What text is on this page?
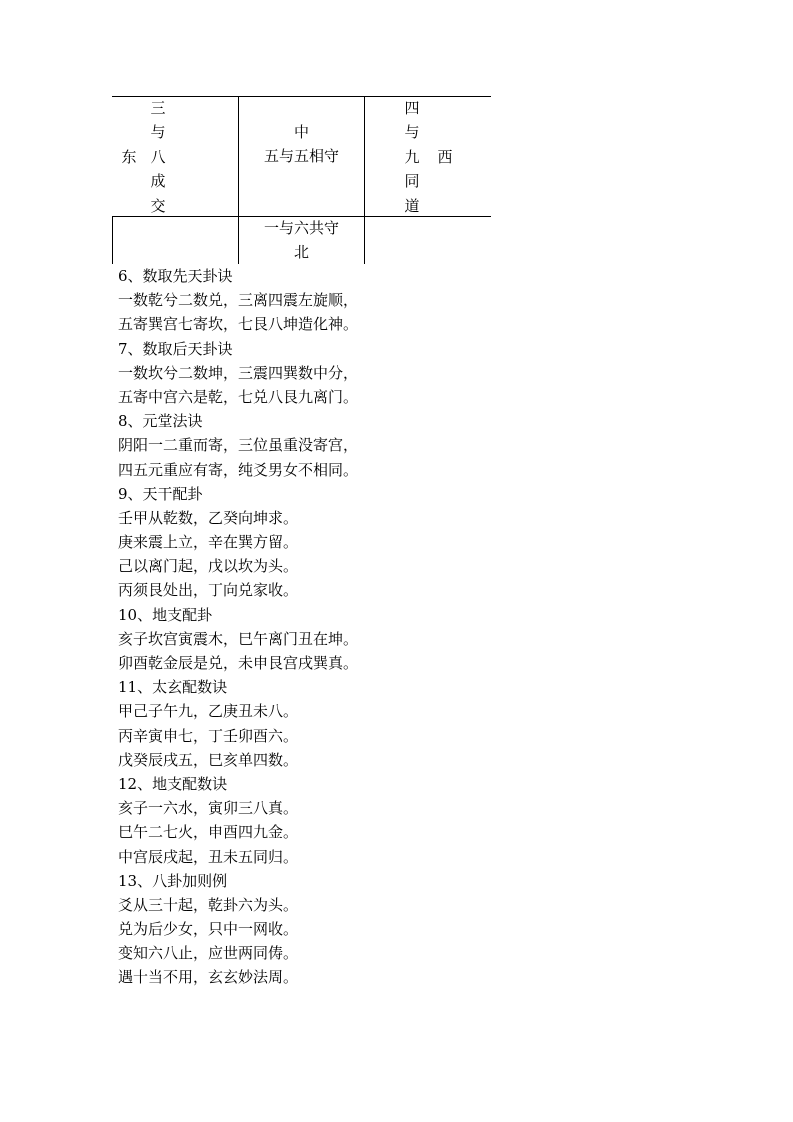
东
三
与
八
成
交
中
五与五相守
四
与
九
同
道
西
一与六共守
北
6、数取先天卦诀
一数乾兮二数兑，三离四震左旋顺，
五寄巽宫七寄坎，七艮八坤造化神。
7、数取后天卦诀
一数坎兮二数坤，三震四巽数中分，
五寄中宫六是乾，七兑八艮九离门。
8、元堂法诀
阴阳一二重而寄，三位虽重没寄宫，
四五元重应有寄，纯爻男女不相同。
9、天干配卦
壬甲从乾数，乙癸向坤求。
庚来震上立，辛在巽方留。
己以离门起，戊以坎为头。
丙须艮处出，丁向兑家收。
10、地支配卦
亥子坎宫寅震木，巳午离门丑在坤。
卯酉乾金辰是兑，未申艮宫戌巽真。
11、太玄配数诀
甲己子午九，乙庚丑未八。
丙辛寅申七，丁壬卯酉六。
戊癸辰戌五，巳亥单四数。
12、地支配数诀
亥子一六水，寅卯三八真。
巳午二七火，申酉四九金。
中宫辰戌起，丑未五同归。
13、八卦加则例
爻从三十起，乾卦六为头。
兑为后少女，只中一网收。
变知六八止，应世两同俦。
遇十当不用，玄玄妙法周。
